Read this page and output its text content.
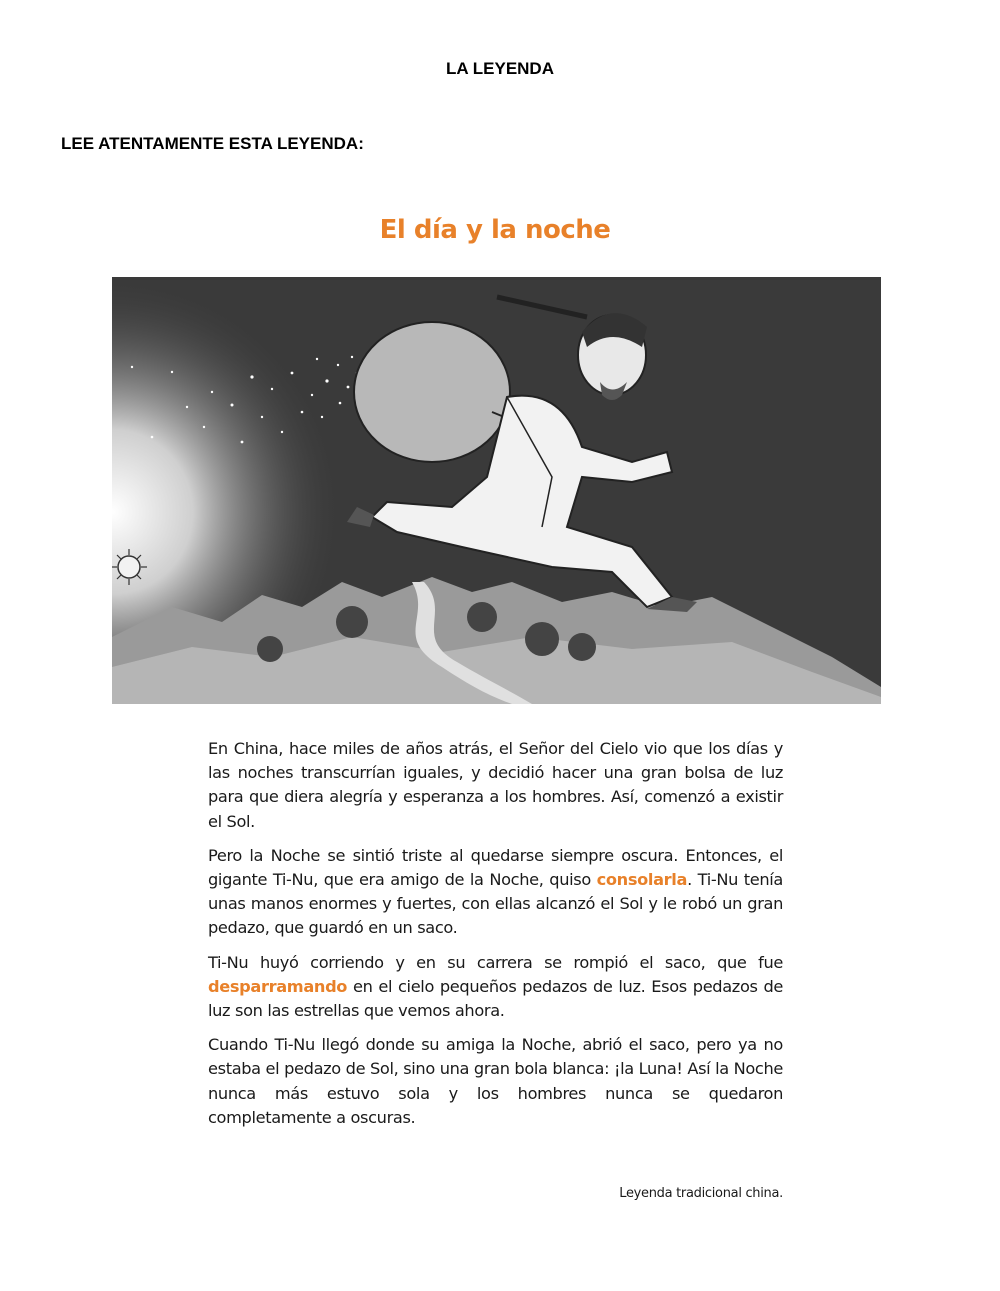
LA LEYENDA

LEE ATENTAMENTE ESTA LEYENDA:

El día y la noche

En China, hace miles de años atrás, el Señor del Cielo vio que los días y las noches transcurrían iguales, y decidió hacer una gran bolsa de luz para que diera alegría y esperanza a los hombres. Así, comenzó a existir el Sol.

Pero la Noche se sintió triste al quedarse siempre oscura. Entonces, el gigante Ti-Nu, que era amigo de la Noche, quiso consolarla. Ti-Nu tenía unas manos enormes y fuertes, con ellas alcanzó el Sol y le robó un gran pedazo, que guardó en un saco.

Ti-Nu huyó corriendo y en su carrera se rompió el saco, que fue desparramando en el cielo pequeños pedazos de luz. Esos pedazos de luz son las estrellas que vemos ahora.

Cuando Ti-Nu llegó donde su amiga la Noche, abrió el saco, pero ya no estaba el pedazo de Sol, sino una gran bola blanca: ¡la Luna! Así la Noche nunca más estuvo sola y los hombres nunca se quedaron completamente a oscuras.

Leyenda tradicional china.
